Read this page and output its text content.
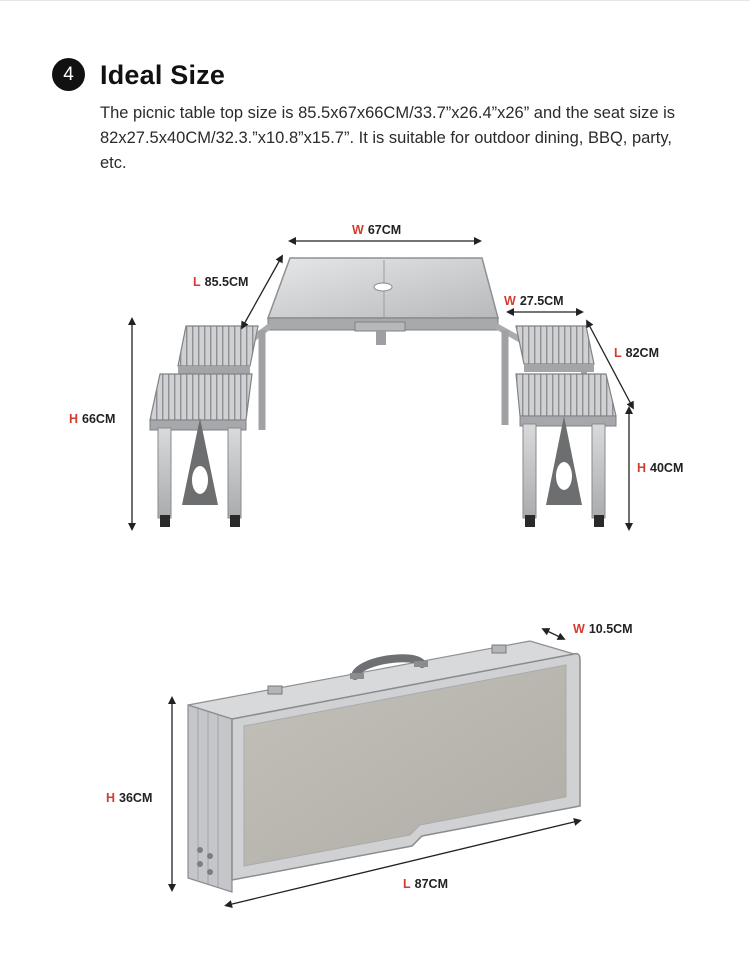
4 Ideal Size
The picnic table top size is 85.5x67x66CM/33.7”x26.4”x26” and the seat size is 82x27.5x40CM/32.3.”x10.8”x15.7”. It is suitable for outdoor dining, BBQ, party, etc.
W 67CM
L 85.5CM
H 66CM
W 27.5CM
L 82CM
H 40CM
W 10.5CM
H 36CM
L 87CM
